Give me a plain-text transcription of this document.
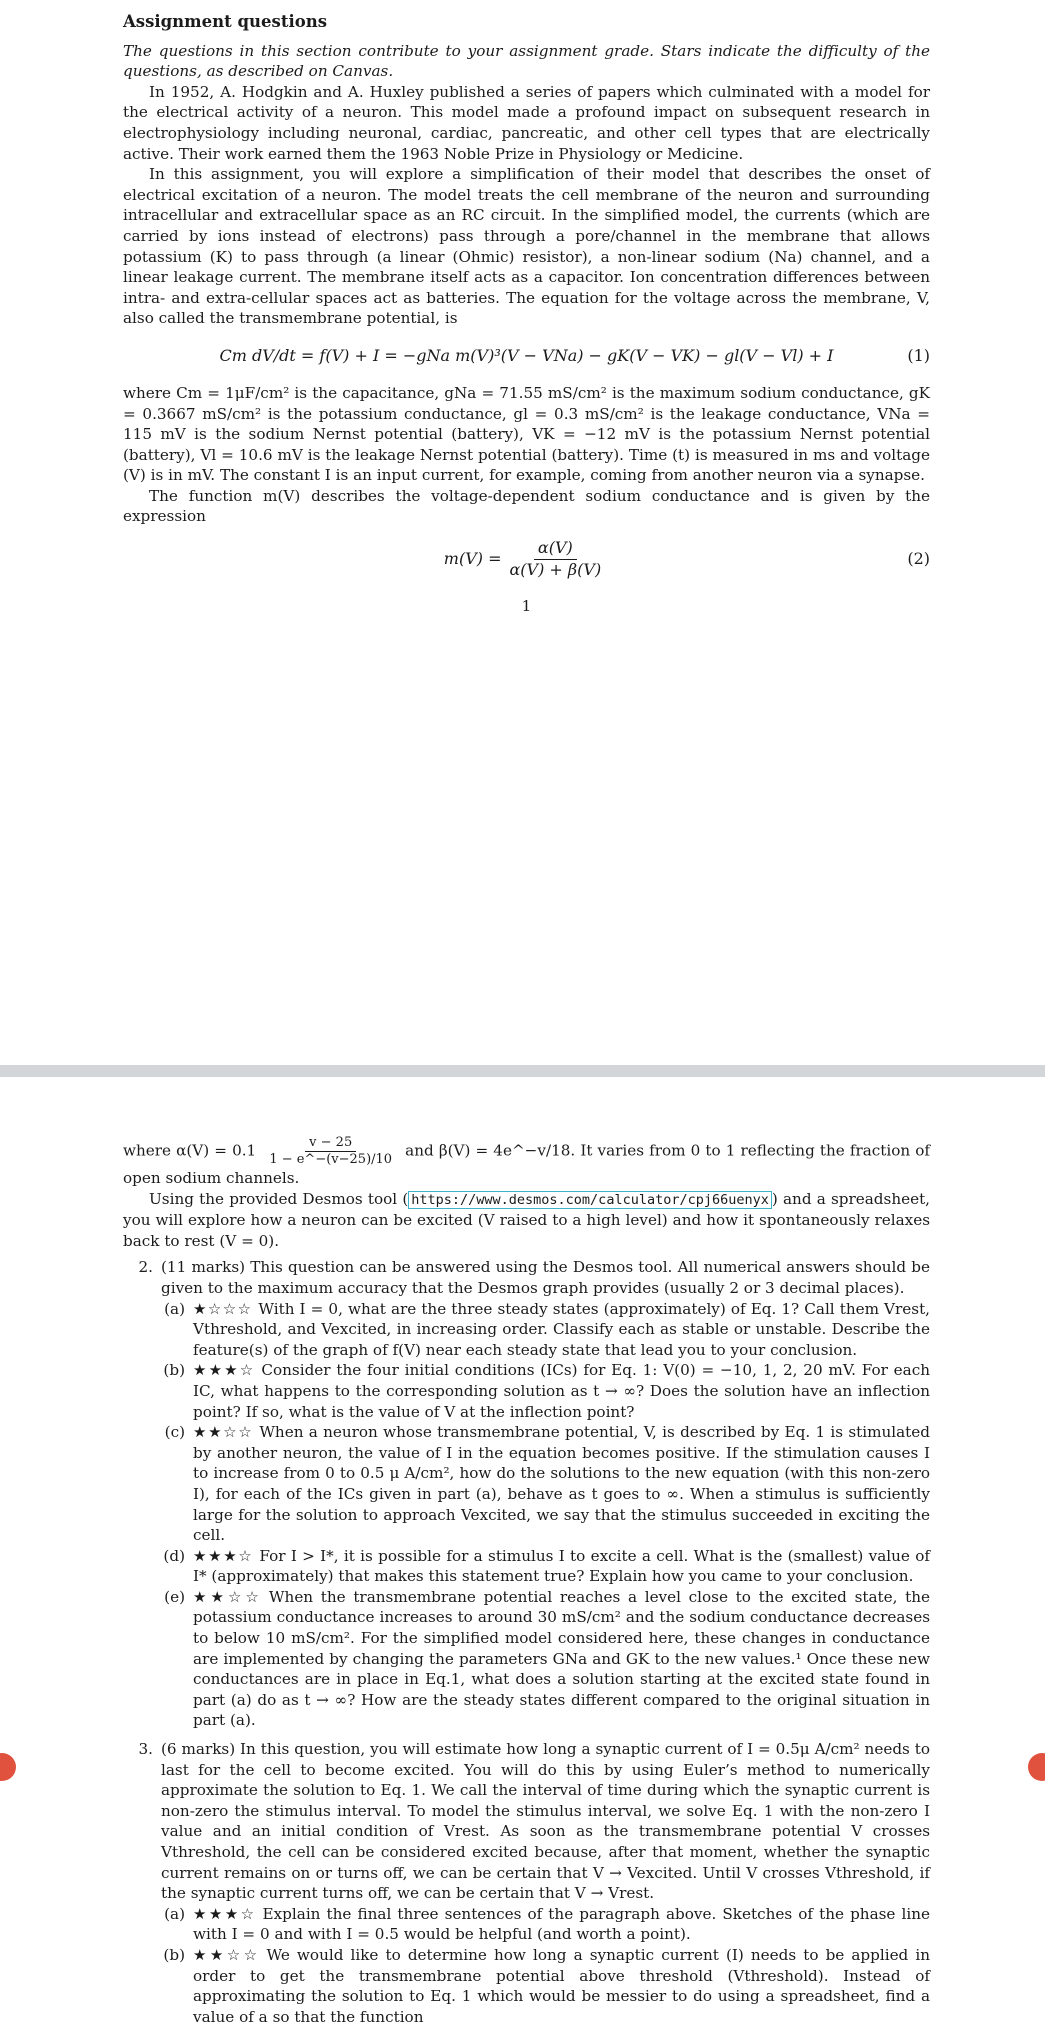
Assignment questions

The questions in this section contribute to your assignment grade. Stars indicate the difficulty of the questions, as described on Canvas.

In 1952, A. Hodgkin and A. Huxley published a series of papers which culminated with a model for the electrical activity of a neuron. This model made a profound impact on subsequent research in electrophysiology including neuronal, cardiac, pancreatic, and other cell types that are electrically active. Their work earned them the 1963 Noble Prize in Physiology or Medicine.

In this assignment, you will explore a simplification of their model that describes the onset of electrical excitation of a neuron. The model treats the cell membrane of the neuron and surrounding intracellular and extracellular space as an RC circuit. In the simplified model, the currents (which are carried by ions instead of electrons) pass through a pore/channel in the membrane that allows potassium (K) to pass through (a linear (Ohmic) resistor), a non-linear sodium (Na) channel, and a linear leakage current. The membrane itself acts as a capacitor. Ion concentration differences between intra- and extra-cellular spaces act as batteries. The equation for the voltage across the membrane, V, also called the transmembrane potential, is

Cm dV/dt = f(V) + I = −gNa m(V)³(V − VNa) − gK(V − VK) − gl(V − Vl) + I	(1)

where Cm = 1μF/cm² is the capacitance, gNa = 71.55 mS/cm² is the maximum sodium conductance, gK = 0.3667 mS/cm² is the potassium conductance, gl = 0.3 mS/cm² is the leakage conductance, VNa = 115 mV is the sodium Nernst potential (battery), VK = −12 mV is the potassium Nernst potential (battery), Vl = 10.6 mV is the leakage Nernst potential (battery). Time (t) is measured in ms and voltage (V) is in mV. The constant I is an input current, for example, coming from another neuron via a synapse.

The function m(V) describes the voltage-dependent sodium conductance and is given by the expression

$m(V) = \frac{\alpha(V)}{\alpha(V) + \beta(V)}$	(2)
1

where $\alpha(V) = 0.1 \frac{v - 25}{1 - e\^{}-(v-25)/10}$ and β(V) = 4e^−v/18. It varies from 0 to 1 reflecting the fraction of open sodium channels.

Using the provided Desmos tool ( https://www.desmos.com/calculator/cpj66uenyx ) and a spreadsheet, you will explore how a neuron can be excited (V raised to a high level) and how it spontaneously relaxes back to rest (V = 0).

2. (11 marks) This question can be answered using the Desmos tool. All numerical answers should be given to the maximum accuracy that the Desmos graph provides (usually 2 or 3 decimal places).

(a) ★☆☆☆ With I = 0, what are the three steady states (approximately) of Eq. 1? Call them Vrest, Vthreshold, and Vexcited, in increasing order. Classify each as stable or unstable. Describe the feature(s) of the graph of f(V) near each steady state that lead you to your conclusion.

(b) ★★★☆ Consider the four initial conditions (ICs) for Eq. 1: V(0) = −10, 1, 2, 20 mV. For each IC, what happens to the corresponding solution as t → ∞? Does the solution have an inflection point? If so, what is the value of V at the inflection point?

(c) ★★☆☆ When a neuron whose transmembrane potential, V, is described by Eq. 1 is stimulated by another neuron, the value of I in the equation becomes positive. If the stimulation causes I to increase from 0 to 0.5 μ A/cm², how do the solutions to the new equation (with this non-zero I), for each of the ICs given in part (a), behave as t goes to ∞. When a stimulus is sufficiently large for the solution to approach Vexcited, we say that the stimulus succeeded in exciting the cell.

(d) ★★★☆ For I > I*, it is possible for a stimulus I to excite a cell. What is the (smallest) value of I* (approximately) that makes this statement true? Explain how you came to your conclusion.

(e) ★★☆☆ When the transmembrane potential reaches a level close to the excited state, the potassium conductance increases to around 30 mS/cm² and the sodium conductance decreases to below 10 mS/cm². For the simplified model considered here, these changes in conductance are implemented by changing the parameters GNa and GK to the new values.¹ Once these new conductances are in place in Eq.1, what does a solution starting at the excited state found in part (a) do as t → ∞? How are the steady states different compared to the original situation in part (a).

3. (6 marks) In this question, you will estimate how long a synaptic current of I = 0.5μ A/cm² needs to last for the cell to become excited. You will do this by using Euler’s method to numerically approximate the solution to Eq. 1. We call the interval of time during which the synaptic current is non-zero the stimulus interval. To model the stimulus interval, we solve Eq. 1 with the non-zero I value and an initial condition of Vrest. As soon as the transmembrane potential V crosses Vthreshold, the cell can be considered excited because, after that moment, whether the synaptic current remains on or turns off, we can be certain that V → Vexcited. Until V crosses Vthreshold, if the synaptic current turns off, we can be certain that V → Vrest.

(a) ★★★☆ Explain the final three sentences of the paragraph above. Sketches of the phase line with I = 0 and with I = 0.5 would be helpful (and worth a point).

(b) ★★☆☆ We would like to determine how long a synaptic current (I) needs to be applied in order to get the transmembrane potential above threshold (Vthreshold). Instead of approximating the solution to Eq. 1 which would be messier to do using a spreadsheet, find a value of a so that the function
